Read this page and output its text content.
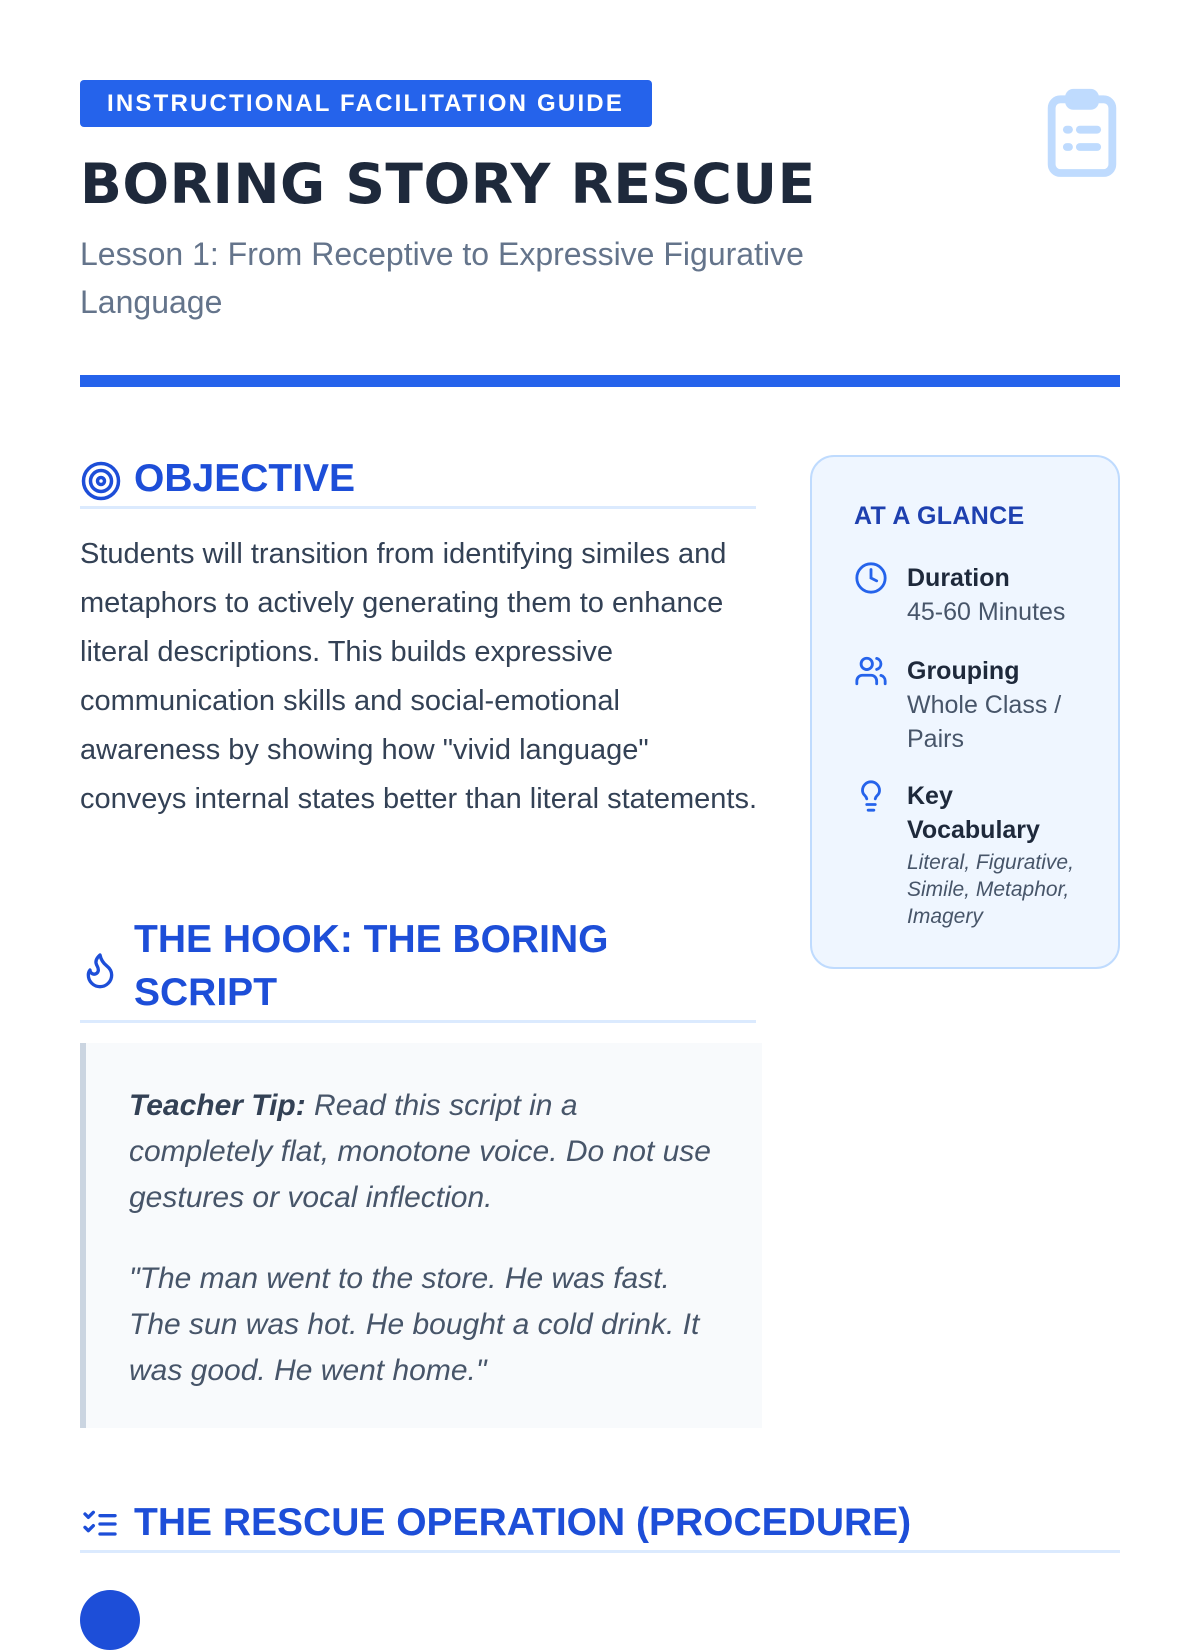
INSTRUCTIONAL FACILITATION GUIDE
BORING STORY RESCUE

Lesson 1: From Receptive to Expressive Figurative Language

OBJECTIVE

Students will transition from identifying similes and metaphors to actively generating them to enhance literal descriptions. This builds expressive communication skills and social-emotional awareness by showing how "vivid language" conveys internal states better than literal statements.

THE HOOK: THE BORING SCRIPT

Teacher Tip: Read this script in a completely flat, monotone voice. Do not use gestures or vocal inflection.

"The man went to the store. He was fast. The sun was hot. He bought a cold drink. It was good. He went home."

AT A GLANCE

Duration
45-60 Minutes
Grouping
Whole Class / Pairs
Key Vocabulary
Literal, Figurative, Simile, Metaphor, Imagery
THE RESCUE OPERATION (PROCEDURE)
